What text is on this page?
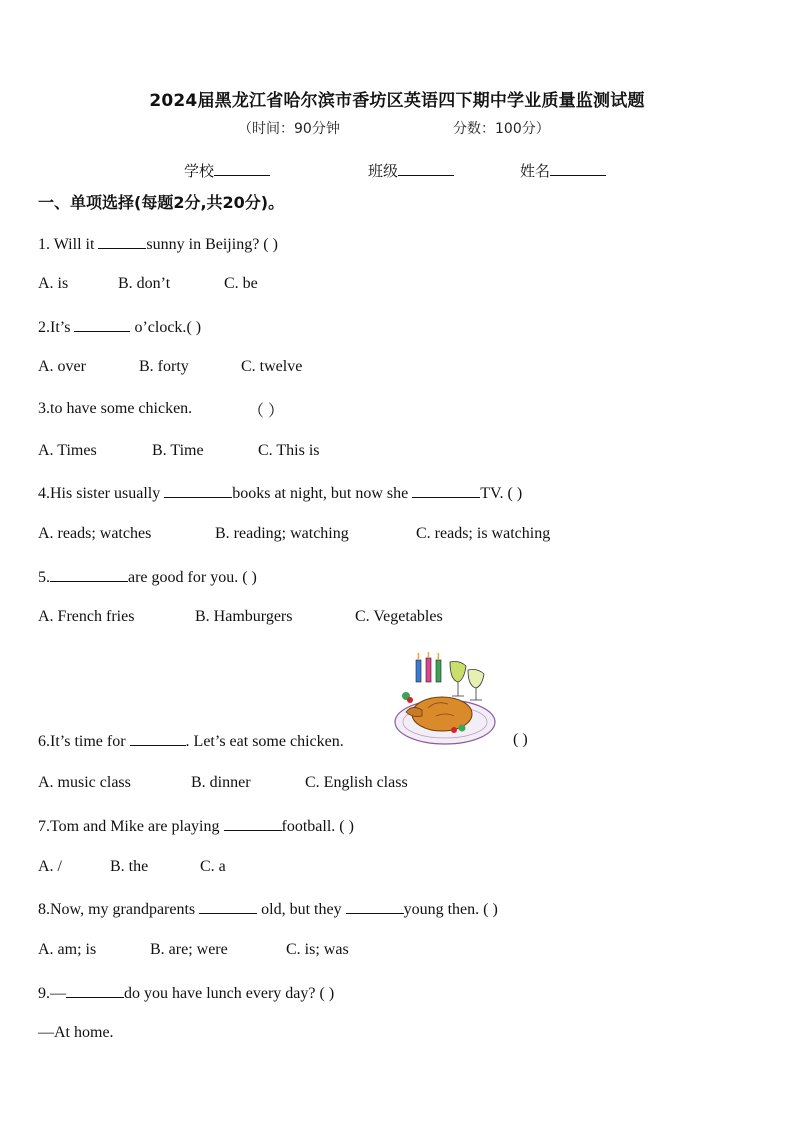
2024届黑龙江省哈尔滨市香坊区英语四下期中学业质量监测试题
（时间：90分钟	分数：100分）
学校	班级	姓名
一、单项选择(每题2分,共20分)。
1. Will it	sunny in Beijing? ( )
A. is	B. don’t	C. be
2.It’s	o’clock.( )
A. over	B. forty	C. twelve
3.to have some chicken.	（ ）
A. Times	B. Time	C. This is
4.His sister usually	books at night, but now she	TV. ( )
A. reads; watches	B. reading; watching	C. reads; is watching
5.	are good for you. ( )
A. French fries	B. Hamburgers	C. Vegetables
6.It’s time for	. Let’s eat some chicken.	( )
A. music class	B. dinner	C. English class
7.Tom and Mike are playing	football. ( )
A. /	B. the	C. a
8.Now, my grandparents	old, but they	young then. ( )
A. am; is	B. are; were	C. is; was
9.—	do you have lunch every day? ( )
—At home.
